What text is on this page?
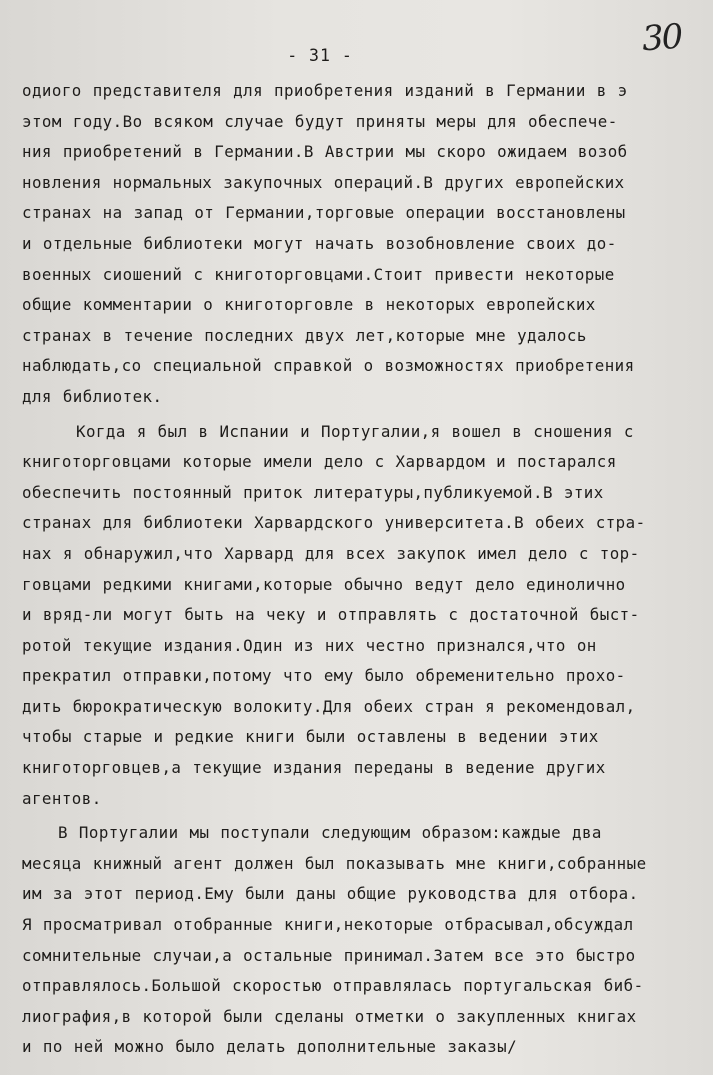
30
- 31 -
одиого представителя для приобретения изданий в Германии в э
этом году.Во всяком случае будут приняты меры для обеспече-
ния приобретений в Германии.В Австрии мы скоро ожидаем возоб
новления нормальных закупочных операций.В других европейских
странах на запад от Германии,торговые операции восстановлены
и отдельные библиотеки могут начать возобновление своих до-
военных сиошений с книготорговцами.Стоит привести некоторые
общие комментарии о книготорговле в некоторых европейских
странах в течение последних двух лет,которые мне удалось
наблюдать,со специальной справкой о возможностях приобретения
для библиотек.
Когда я был в Испании и Португалии,я вошел в сношения с
книготорговцами которые имели дело с Харвардом и постарался
обеспечить постоянный приток литературы,публикуемой.В этих
странах для библиотеки Харвардского университета.В обеих стра-
нах я обнаружил,что Харвард для всех закупок имел дело с тор-
говцами редкими книгами,которые обычно ведут дело единолично
и вряд-ли могут быть на чеку и отправлять с достаточной быст-
ротой текущие издания.Один из них честно признался,что он
прекратил отправки,потому что ему было обременительно прохо-
дить бюрократическую волокиту.Для обеих стран я рекомендовал,
чтобы старые и редкие книги были оставлены в ведении этих
книготорговцев,а текущие издания переданы в ведение других
агентов.
В Португалии мы поступали следующим образом:каждые два
месяца книжный агент должен был показывать мне книги,собранные
им за этот период.Ему были даны общие руководства для отбора.
Я просматривал отобранные книги,некоторые отбрасывал,обсуждал
сомнительные случаи,а остальные принимал.Затем все это быстро
отправлялось.Большой скоростью отправлялась португальская биб-
лиография,в которой были сделаны отметки о закупленных книгах
и по ней можно было делать дополнительные заказы/
